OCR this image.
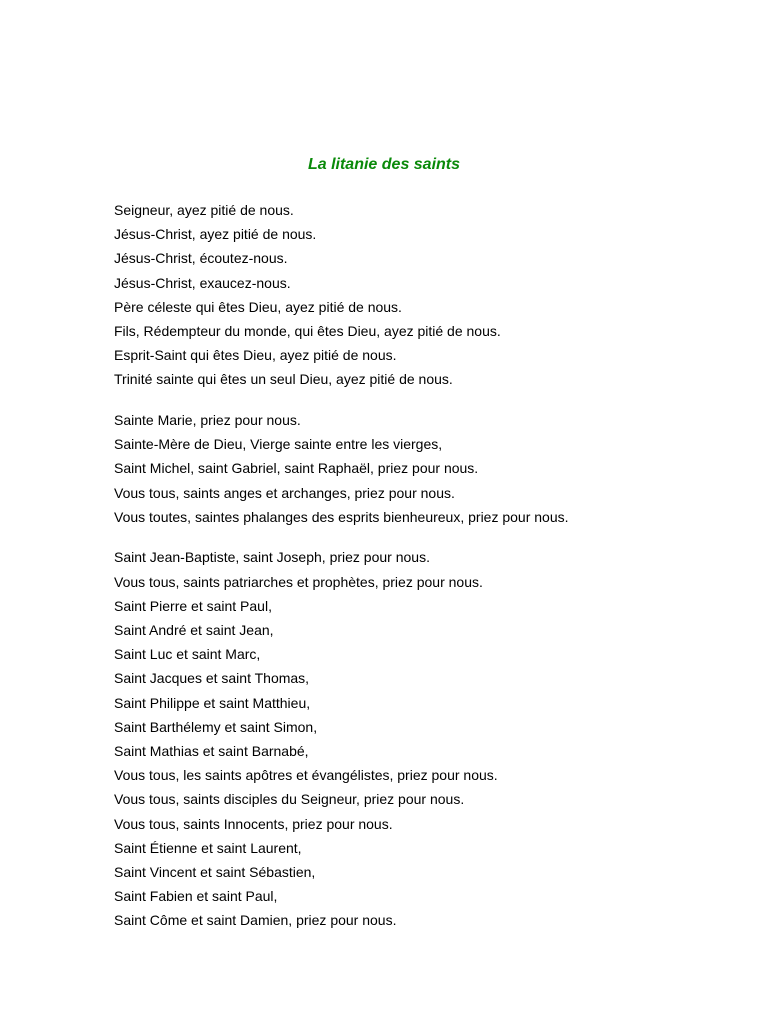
La litanie des saints
Seigneur, ayez pitié de nous.
Jésus-Christ, ayez pitié de nous.
Jésus-Christ, écoutez-nous.
Jésus-Christ, exaucez-nous.
Père céleste qui êtes Dieu, ayez pitié de nous.
Fils, Rédempteur du monde, qui êtes Dieu, ayez pitié de nous.
Esprit-Saint qui êtes Dieu, ayez pitié de nous.
Trinité sainte qui êtes un seul Dieu, ayez pitié de nous.
Sainte Marie, priez pour nous.
Sainte-Mère de Dieu, Vierge sainte entre les vierges,
Saint Michel, saint Gabriel, saint Raphaël, priez pour nous.
Vous tous, saints anges et archanges, priez pour nous.
Vous toutes, saintes phalanges des esprits bienheureux, priez pour nous.
Saint Jean-Baptiste, saint Joseph, priez pour nous.
Vous tous, saints patriarches et prophètes, priez pour nous.
Saint Pierre et saint Paul,
Saint André et saint Jean,
Saint Luc et saint Marc,
Saint Jacques et saint Thomas,
Saint Philippe et saint Matthieu,
Saint Barthélemy et saint Simon,
Saint Mathias et saint Barnabé,
Vous tous, les saints apôtres et évangélistes, priez pour nous.
Vous tous, saints disciples du Seigneur, priez pour nous.
Vous tous, saints Innocents, priez pour nous.
Saint Étienne et saint Laurent,
Saint Vincent et saint Sébastien,
Saint Fabien et saint Paul,
Saint Côme et saint Damien, priez pour nous.
